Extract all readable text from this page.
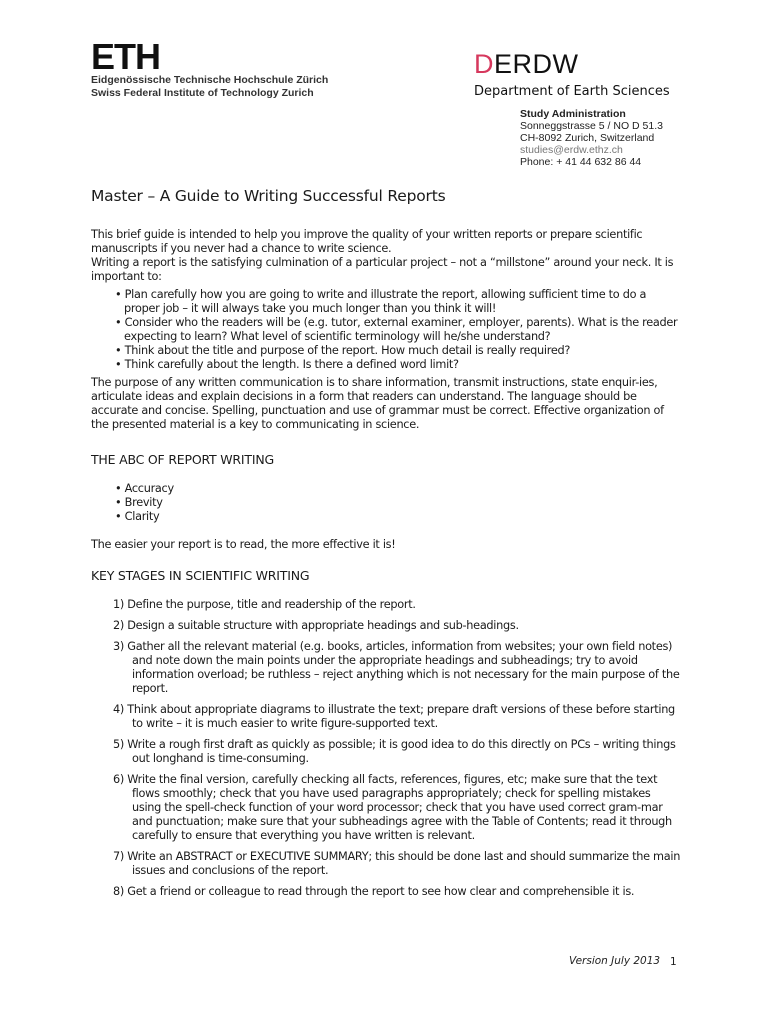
ETH
Eidgenössische Technische Hochschule Zürich
Swiss Federal Institute of Technology Zurich
DERDW
Department of Earth Sciences
Study Administration
Sonneggstrasse 5 / NO D 51.3
CH-8092 Zurich, Switzerland
studies@erdw.ethz.ch
Phone: + 41 44 632 86 44
Master – A Guide to Writing Successful Reports

This brief guide is intended to help you improve the quality of your written reports or prepare scientific manuscripts if you never had a chance to write science.

Writing a report is the satisfying culmination of a particular project – not a “millstone” around your neck. It is important to:

• Plan carefully how you are going to write and illustrate the report, allowing sufficient time to do a proper job – it will always take you much longer than you think it will!
• Consider who the readers will be (e.g. tutor, external examiner, employer, parents). What is the reader expecting to learn? What level of scientific terminology will he/she understand?
• Think about the title and purpose of the report. How much detail is really required?
• Think carefully about the length. Is there a defined word limit?

The purpose of any written communication is to share information, transmit instructions, state enquir-ies, articulate ideas and explain decisions in a form that readers can understand. The language should be accurate and concise. Spelling, punctuation and use of grammar must be correct. Effective organization of the presented material is a key to communicating in science.

THE ABC OF REPORT WRITING
• Accuracy
• Brevity
• Clarity

The easier your report is to read, the more effective it is!

KEY STAGES IN SCIENTIFIC WRITING
1) Define the purpose, title and readership of the report.
2) Design a suitable structure with appropriate headings and sub-headings.
3) Gather all the relevant material (e.g. books, articles, information from websites; your own field notes) and note down the main points under the appropriate headings and subheadings; try to avoid information overload; be ruthless – reject anything which is not necessary for the main purpose of the report.
4) Think about appropriate diagrams to illustrate the text; prepare draft versions of these before starting to write – it is much easier to write figure-supported text.
5) Write a rough first draft as quickly as possible; it is good idea to do this directly on PCs – writing things out longhand is time-consuming.
6) Write the final version, carefully checking all facts, references, figures, etc; make sure that the text flows smoothly; check that you have used paragraphs appropriately; check for spelling mistakes using the spell-check function of your word processor; check that you have used correct gram-mar and punctuation; make sure that your subheadings agree with the Table of Contents; read it through carefully to ensure that everything you have written is relevant.
7) Write an ABSTRACT or EXECUTIVE SUMMARY; this should be done last and should summarize the main issues and conclusions of the report.
8) Get a friend or colleague to read through the report to see how clear and comprehensible it is.
Version July 2013 1
